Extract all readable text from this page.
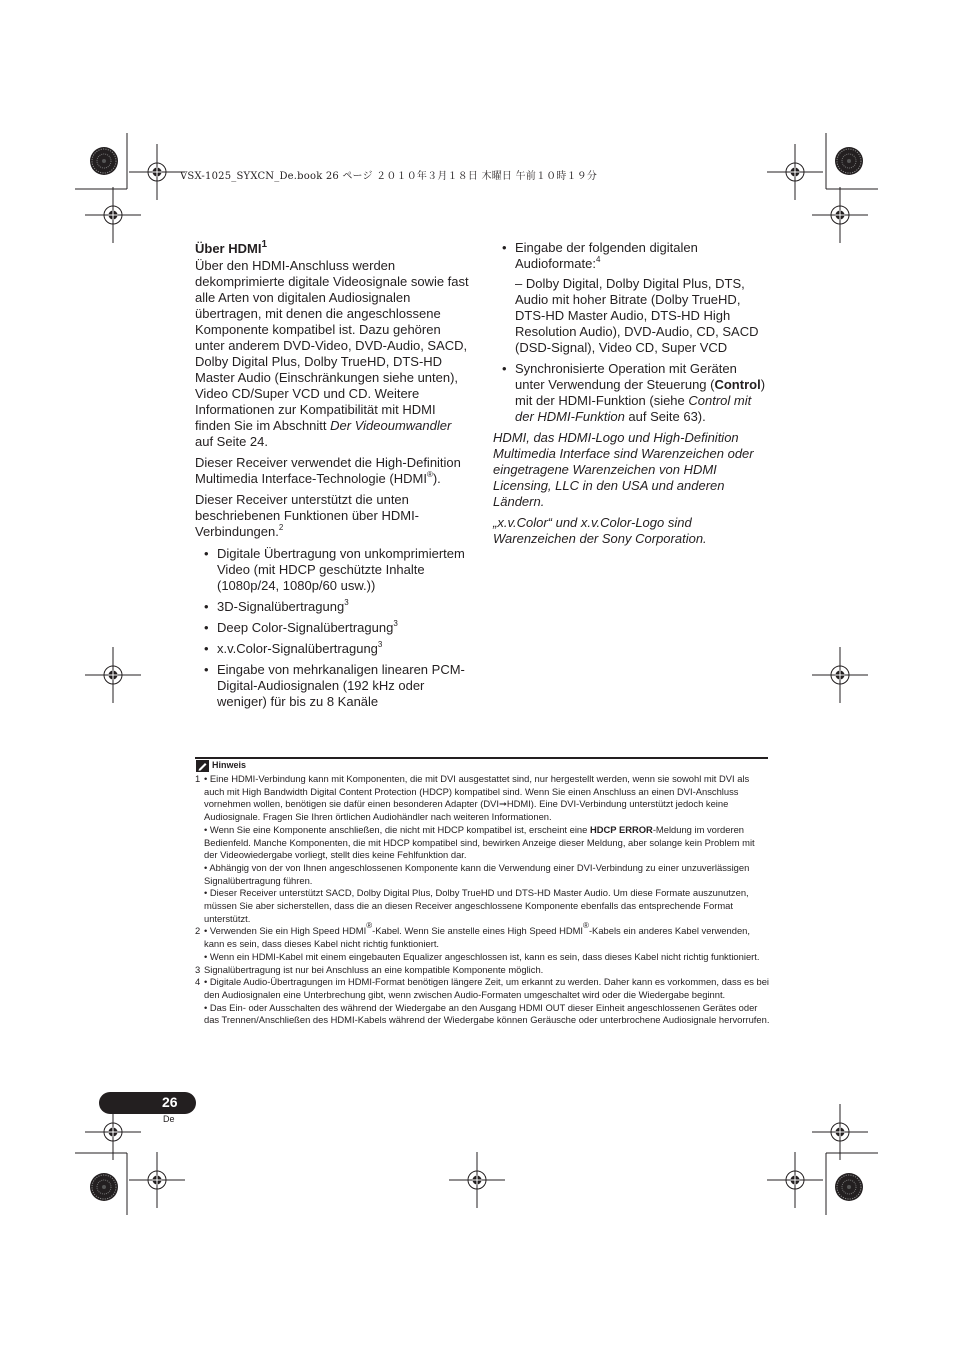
VSX-1025_SYXCN_De.book 26 ページ ２０１０年３月１８日 木曜日 午前１０時１９分
Über HDMI$^1$

Über den HDMI-Anschluss werden dekomprimierte digitale Videosignale sowie fast alle Arten von digitalen Audiosignalen übertragen, mit denen die angeschlossene Komponente kompatibel ist. Dazu gehören unter anderem DVD-Video, DVD-Audio, SACD, Dolby Digital Plus, Dolby TrueHD, DTS-HD Master Audio (Einschränkungen siehe unten), Video CD/Super VCD und CD. Weitere Informationen zur Kompatibilität mit HDMI finden Sie im Abschnitt Der Videoumwandler auf Seite 24.

Dieser Receiver verwendet die High-Definition Multimedia Interface-Technologie (HDMI®).

Dieser Receiver unterstützt die unten beschriebenen Funktionen über HDMI-Verbindungen.$^2$

• Digitale Übertragung von unkomprimiertem Video (mit HDCP geschützte Inhalte (1080p/24, 1080p/60 usw.))
• 3D-Signalübertragung$^3$
• Deep Color-Signalübertragung$^3$
• x.v.Color-Signalübertragung$^3$
• Eingabe von mehrkanaligen linearen PCM-Digital-Audiosignalen (192 kHz oder weniger) für bis zu 8 Kanäle
• Eingabe der folgenden digitalen Audioformate:$^4$
– Dolby Digital, Dolby Digital Plus, DTS, Audio mit hoher Bitrate (Dolby TrueHD, DTS-HD Master Audio, DTS-HD High Resolution Audio), DVD-Audio, CD, SACD (DSD-Signal), Video CD, Super VCD
• Synchronisierte Operation mit Geräten unter Verwendung der Steuerung (Control) mit der HDMI-Funktion (siehe Control mit der HDMI-Funktion auf Seite 63).

HDMI, das HDMI-Logo und High-Definition Multimedia Interface sind Warenzeichen oder eingetragene Warenzeichen von HDMI Licensing, LLC in den USA und anderen Ländern.

„x.v.Color“ und x.v.Color-Logo sind Warenzeichen der Sony Corporation.

Hinweis
1 • Eine HDMI-Verbindung kann mit Komponenten, die mit DVI ausgestattet sind, nur hergestellt werden, wenn sie sowohl mit DVI als auch mit High Bandwidth Digital Content Protection (HDCP) kompatibel sind. Wenn Sie einen Anschluss an einen DVI-Anschluss vornehmen wollen, benötigen sie dafür einen besonderen Adapter (DVI➞HDMI). Eine DVI-Verbindung unterstützt jedoch keine Audiosignale. Fragen Sie Ihren örtlichen Audiohändler nach weiteren Informationen.
• Wenn Sie eine Komponente anschließen, die nicht mit HDCP kompatibel ist, erscheint eine HDCP ERROR-Meldung im vorderen Bedienfeld. Manche Komponenten, die mit HDCP kompatibel sind, bewirken Anzeige dieser Meldung, aber solange kein Problem mit der Videowiedergabe vorliegt, stellt dies keine Fehlfunktion dar.
• Abhängig von der von Ihnen angeschlossenen Komponente kann die Verwendung einer DVI-Verbindung zu einer unzuverlässigen Signalübertragung führen.
• Dieser Receiver unterstützt SACD, Dolby Digital Plus, Dolby TrueHD und DTS-HD Master Audio. Um diese Formate auszunutzen, müssen Sie aber sicherstellen, dass die an diesen Receiver angeschlossene Komponente ebenfalls das entsprechende Format unterstützt.
2 • Verwenden Sie ein High Speed HDMI®-Kabel. Wenn Sie anstelle eines High Speed HDMI®-Kabels ein anderes Kabel verwenden, kann es sein, dass dieses Kabel nicht richtig funktioniert.
• Wenn ein HDMI-Kabel mit einem eingebauten Equalizer angeschlossen ist, kann es sein, dass dieses Kabel nicht richtig funktioniert.
3 Signalübertragung ist nur bei Anschluss an eine kompatible Komponente möglich.
4 • Digitale Audio-Übertragungen im HDMI-Format benötigen längere Zeit, um erkannt zu werden. Daher kann es vorkommen, dass es bei den Audiosignalen eine Unterbrechung gibt, wenn zwischen Audio-Formaten umgeschaltet wird oder die Wiedergabe beginnt.
• Das Ein- oder Ausschalten des während der Wiedergabe an den Ausgang HDMI OUT dieser Einheit angeschlossenen Gerätes oder das Trennen/Anschließen des HDMI-Kabels während der Wiedergabe können Geräusche oder unterbrochene Audiosignale hervorrufen.
26
De
